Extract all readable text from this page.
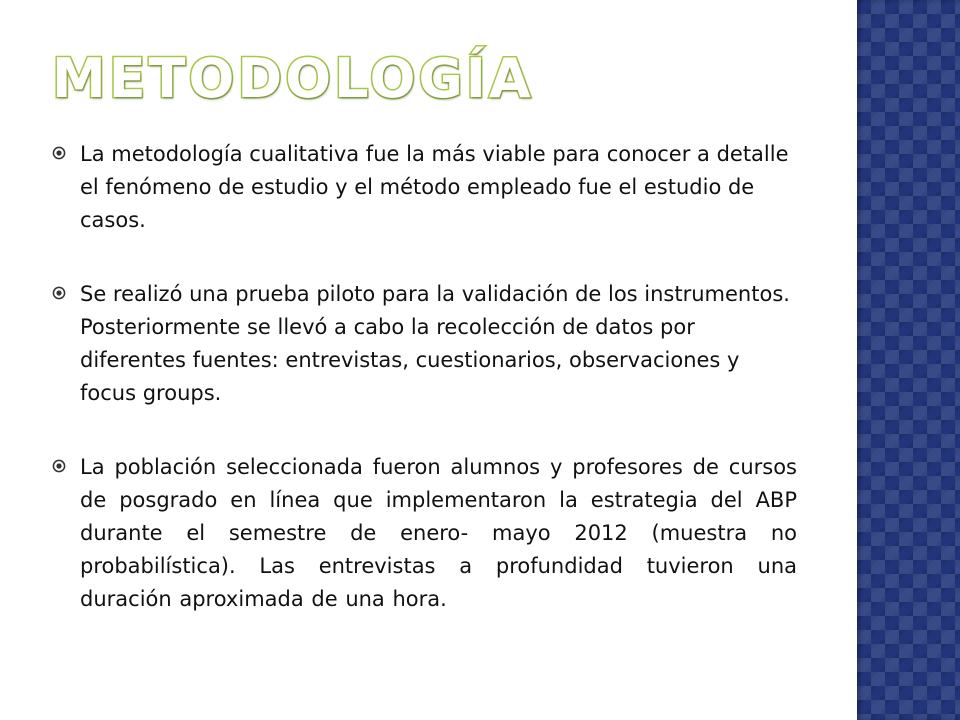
METODOLOGÍA
La metodología cualitativa fue la más viable para conocer a detalle el fenómeno de estudio y el método empleado fue el estudio de casos.
Se realizó una prueba piloto para la validación de los instrumentos. Posteriormente se llevó a cabo la recolección de datos por diferentes fuentes: entrevistas, cuestionarios, observaciones y focus groups.
La población seleccionada fueron alumnos y profesores de cursos de posgrado en línea que implementaron la estrategia del ABP durante el semestre de enero- mayo 2012 (muestra no probabilística). Las entrevistas a profundidad tuvieron una duración aproximada de una hora.
